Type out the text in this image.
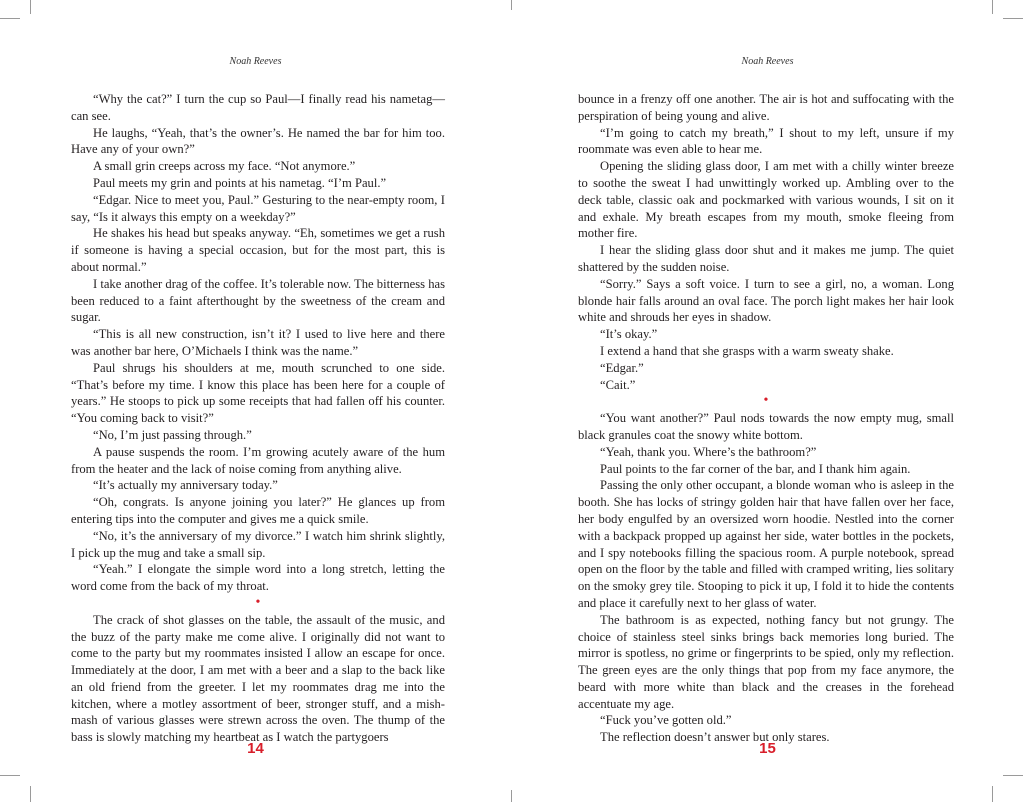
Noah Reeves

“Why the cat?” I turn the cup so Paul—I finally read his nametag—can see.

He laughs, “Yeah, that’s the owner’s. He named the bar for him too. Have any of your own?”

A small grin creeps across my face. “Not anymore.”

Paul meets my grin and points at his nametag. “I’m Paul.”

“Edgar. Nice to meet you, Paul.” Gesturing to the near-empty room, I say, “Is it always this empty on a weekday?”

He shakes his head but speaks anyway. “Eh, sometimes we get a rush if someone is having a special occasion, but for the most part, this is about normal.”

I take another drag of the coffee. It’s tolerable now. The bitterness has been reduced to a faint afterthought by the sweetness of the cream and sugar.

“This is all new construction, isn’t it? I used to live here and there was another bar here, O’Michaels I think was the name.”

Paul shrugs his shoulders at me, mouth scrunched to one side. “That’s before my time. I know this place has been here for a couple of years.” He stoops to pick up some receipts that had fallen off his counter. “You coming back to visit?”

“No, I’m just passing through.”

A pause suspends the room. I’m growing acutely aware of the hum from the heater and the lack of noise coming from anything alive.

“It’s actually my anniversary today.”

“Oh, congrats. Is anyone joining you later?” He glances up from entering tips into the computer and gives me a quick smile.

“No, it’s the anniversary of my divorce.” I watch him shrink slightly, I pick up the mug and take a small sip.

“Yeah.” I elongate the simple word into a long stretch, letting the word come from the back of my throat.

•

The crack of shot glasses on the table, the assault of the music, and the buzz of the party make me come alive. I originally did not want to come to the party but my roommates insisted I allow an escape for once. Immediately at the door, I am met with a beer and a slap to the back like an old friend from the greeter. I let my roommates drag me into the kitchen, where a motley assortment of beer, stronger stuff, and a mish-mash of various glasses were strewn across the oven. The thump of the bass is slowly matching my heartbeat as I watch the partygoers

14
Noah Reeves

bounce in a frenzy off one another. The air is hot and suffocating with the perspiration of being young and alive.

“I’m going to catch my breath,” I shout to my left, unsure if my roommate was even able to hear me.

Opening the sliding glass door, I am met with a chilly winter breeze to soothe the sweat I had unwittingly worked up. Ambling over to the deck table, classic oak and pockmarked with various wounds, I sit on it and exhale. My breath escapes from my mouth, smoke fleeing from mother fire.

I hear the sliding glass door shut and it makes me jump. The quiet shattered by the sudden noise.

“Sorry.” Says a soft voice. I turn to see a girl, no, a woman. Long blonde hair falls around an oval face. The porch light makes her hair look white and shrouds her eyes in shadow.

“It’s okay.”

I extend a hand that she grasps with a warm sweaty shake.

“Edgar.”

“Cait.”

•

“You want another?” Paul nods towards the now empty mug, small black granules coat the snowy white bottom.

“Yeah, thank you. Where’s the bathroom?”

Paul points to the far corner of the bar, and I thank him again.

Passing the only other occupant, a blonde woman who is asleep in the booth. She has locks of stringy golden hair that have fallen over her face, her body engulfed by an oversized worn hoodie. Nestled into the corner with a backpack propped up against her side, water bottles in the pockets, and I spy notebooks filling the spacious room. A purple notebook, spread open on the floor by the table and filled with cramped writing, lies solitary on the smoky grey tile. Stooping to pick it up, I fold it to hide the contents and place it carefully next to her glass of water.

The bathroom is as expected, nothing fancy but not grungy. The choice of stainless steel sinks brings back memories long buried. The mirror is spotless, no grime or fingerprints to be spied, only my reflection. The green eyes are the only things that pop from my face anymore, the beard with more white than black and the creases in the forehead accentuate my age.

“Fuck you’ve gotten old.”

The reflection doesn’t answer but only stares.

15
